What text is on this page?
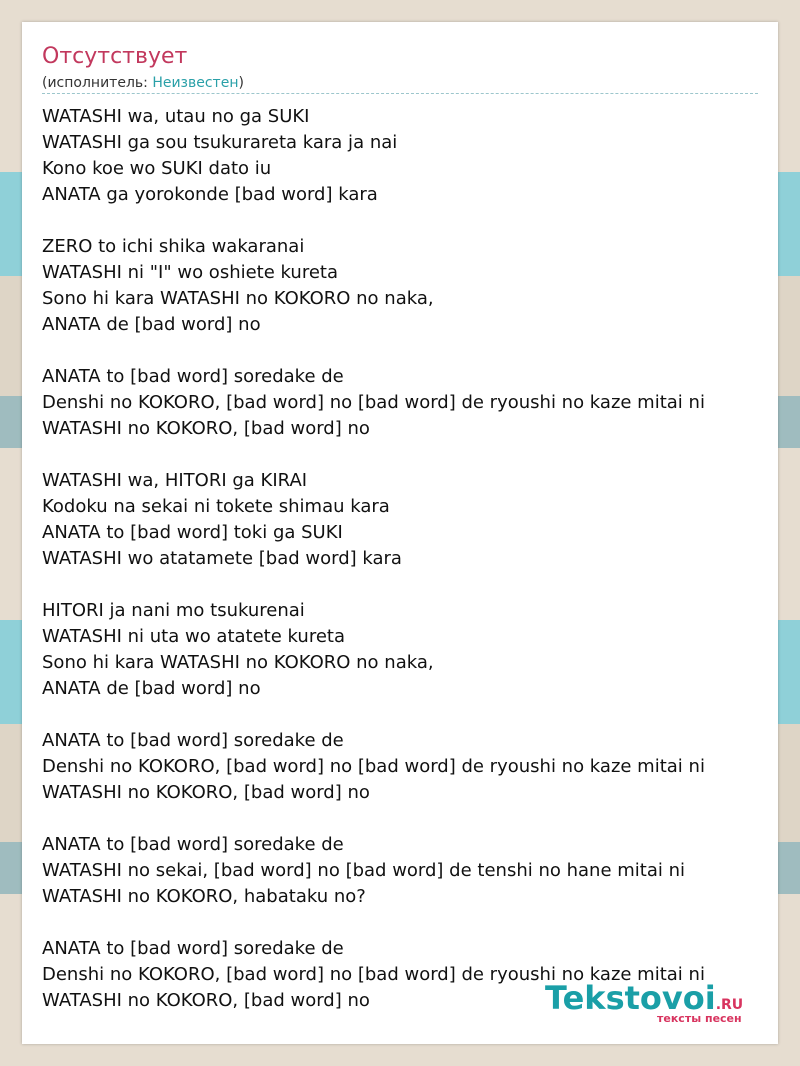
Отсутствует
(исполнитель: Неизвестен)
WATASHI wa, utau no ga SUKI
WATASHI ga sou tsukurareta kara ja nai
Kono koe wo SUKI dato iu
ANATA ga yorokonde [bad word] kara
ZERO to ichi shika wakaranai
WATASHI ni "I" wo oshiete kureta
Sono hi kara WATASHI no KOKORO no naka,
ANATA de [bad word] no
ANATA to [bad word] soredake de
Denshi no KOKORO, [bad word] no [bad word] de ryoushi no kaze mitai ni
WATASHI no KOKORO, [bad word] no
WATASHI wa, HITORI ga KIRAI
Kodoku na sekai ni tokete shimau kara
ANATA to [bad word] toki ga SUKI
WATASHI wo atatamete [bad word] kara
HITORI ja nani mo tsukurenai
WATASHI ni uta wo atatete kureta
Sono hi kara WATASHI no KOKORO no naka,
ANATA de [bad word] no
ANATA to [bad word] soredake de
Denshi no KOKORO, [bad word] no [bad word] de ryoushi no kaze mitai ni
WATASHI no KOKORO, [bad word] no
ANATA to [bad word] soredake de
WATASHI no sekai, [bad word] no [bad word] de tenshi no hane mitai ni
WATASHI no KOKORO, habataku no?
ANATA to [bad word] soredake de
Denshi no KOKORO, [bad word] no [bad word] de ryoushi no kaze mitai ni
WATASHI no KOKORO, [bad word] no	Tekstovoi.RU
тексты песен
